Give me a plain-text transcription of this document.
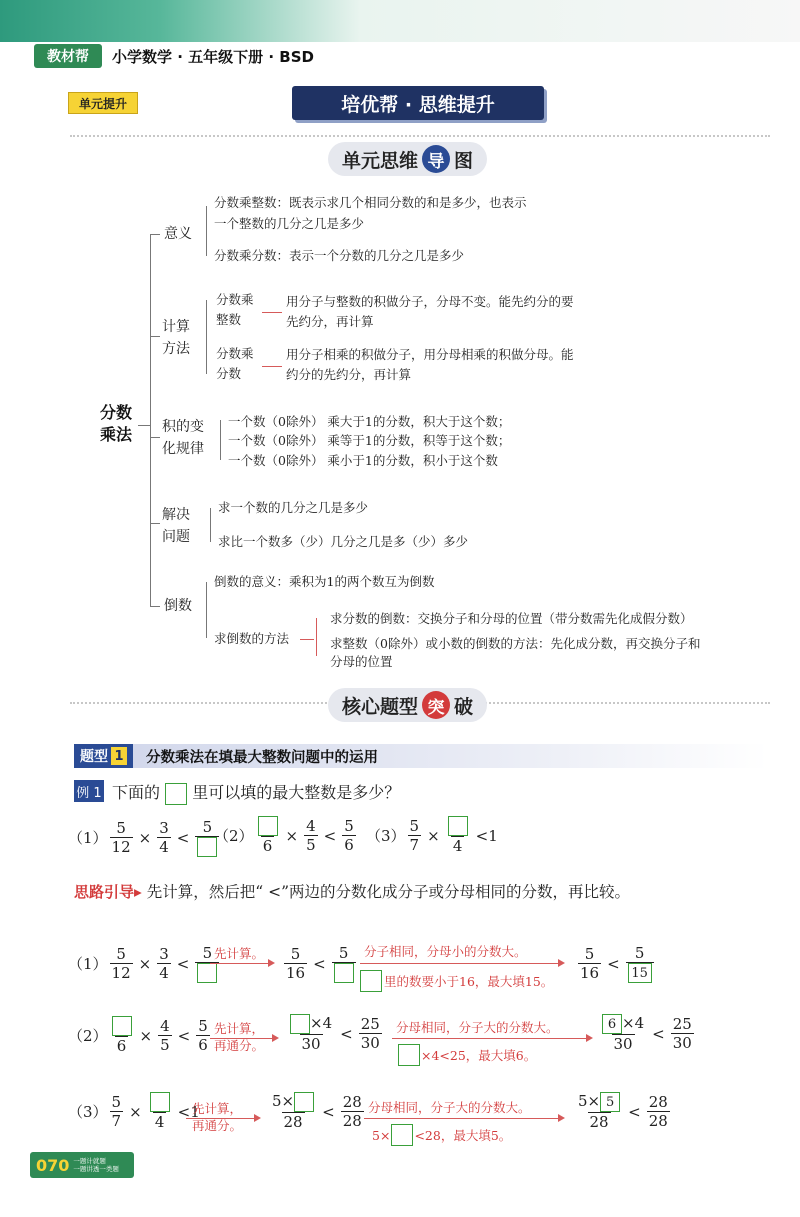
教材帮	小学数学 · 五年级下册 · BSD
单元提升	培优帮 · 思维提升
单元思维 导 图
分数
乘法
意义
分数乘整数：既表示求几个相同分数的和是多少，也表示
一个整数的几分之几是多少
分数乘分数：表示一个分数的几分之几是多少
计算
方法
分数乘
整数
用分子与整数的积做分子，分母不变。能先约分的要
先约分，再计算
分数乘
分数
用分子相乘的积做分子，用分母相乘的积做分母。能
约分的先约分，再计算
积的变
化规律
一个数（0除外） 乘大于1的分数，积大于这个数；
一个数（0除外） 乘等于1的分数，积等于这个数；
一个数（0除外） 乘小于1的分数，积小于这个数
解决
问题
求一个数的几分之几是多少
求比一个数多（少）几分之几是多（少）多少
倒数
倒数的意义：乘积为1的两个数互为倒数
求倒数的方法
求分数的倒数：交换分子和分母的位置（带分数需先化成假分数）
求整数（0除外）或小数的倒数的方法：先化成分数，再交换分子和
分母的位置
核心题型 突 破
题型 1 分数乘法在填最大整数问题中的运用
例 1 下面的 里可以填的最大整数是多少？
$(1) \frac{5}{12} \times \frac{3}{4}$ <
5 （2）
6
× $\frac{4}{5} < \frac{5}{6} (3) \frac{5}{7}$ ×
4
<1
思路引导▸ 先计算，然后把“ <”两边的分数化成分子或分母相同的分数，再比较。
$(1) \frac{5}{12} \times \frac{3}{4}$ <
5 先计算。 $\frac{5}{16}$ <
5 分子相同，分母小的分数大。
里的数要小于16，最大填15。 $\frac{5}{16} < \frac{5}{15}$
（2）
6
× $\frac{4}{5} < \frac{5}{6}$ 先计算，
再通分。 $\frac{\times 4}{30} < \frac{25}{30}$ 分母相同，分子大的分数大。
×4<25，最大填6。
$\frac{6 \times 4}{30} < \frac{25}{30}$
$(3) \frac{5}{7}$ ×
4
<1
先计算，
再通分。 $\frac{5\times}{28} < \frac{28}{28}$ 分母相同，分子大的分数大。
5× <28，最大填5。
$\frac{5\times 5}{28} < \frac{28}{28}$
070 一题计就题
一题讲透一类题
